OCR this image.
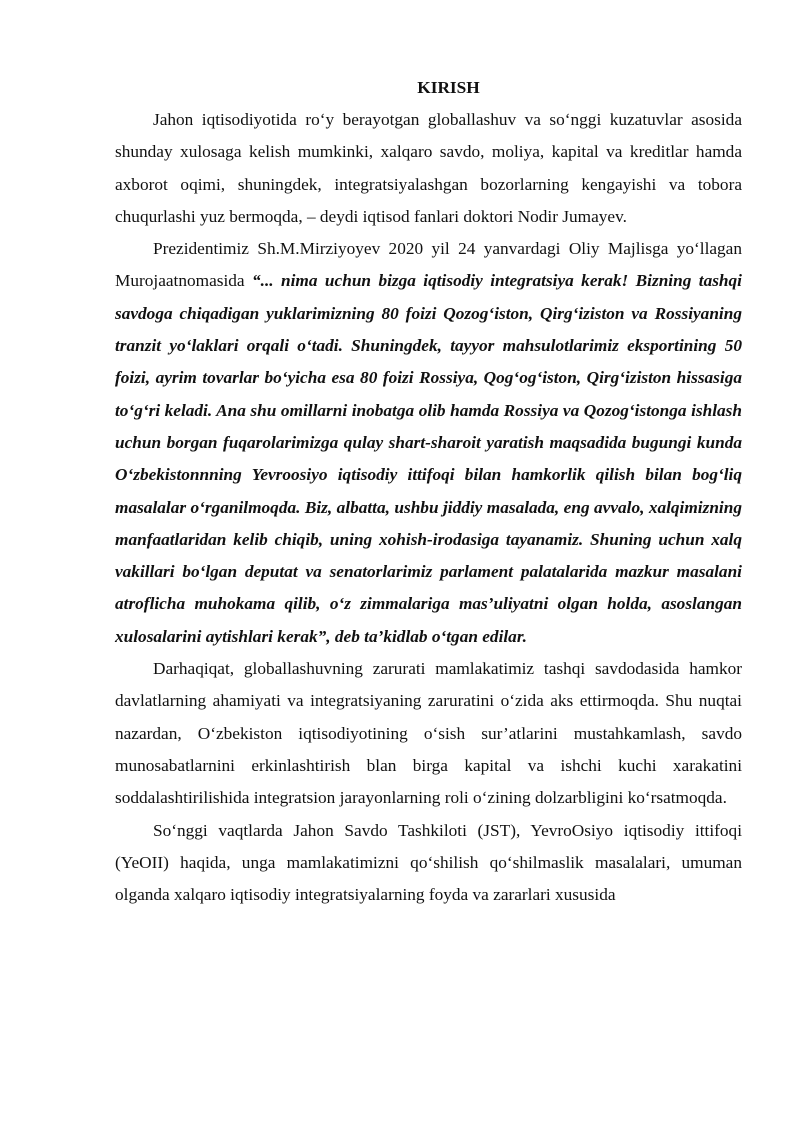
KIRISH

Jahon iqtisodiyotida ro‘y berayotgan globallashuv va so‘nggi kuzatuvlar asosida shunday xulosaga kelish mumkinki, xalqaro savdo, moliya, kapital va kreditlar hamda axborot oqimi, shuningdek, integratsiyalashgan bozorlarning kengayishi va tobora chuqurlashi yuz bermoqda, – deydi iqtisod fanlari doktori Nodir Jumayev.

Prezidentimiz Sh.M.Mirziyoyev 2020 yil 24 yanvardagi Oliy Majlisga yo‘llagan Murojaatnomasida “... nima uchun bizga iqtisodiy integratsiya kerak! Bizning tashqi savdoga chiqadigan yuklarimizning 80 foizi Qozog‘iston, Qirg‘iziston va Rossiyaning tranzit yo‘laklari orqali o‘tadi. Shuningdek, tayyor mahsulotlarimiz eksportining 50 foizi, ayrim tovarlar bo‘yicha esa 80 foizi Rossiya, Qog‘og‘iston, Qirg‘iziston hissasiga to‘g‘ri keladi. Ana shu omillarni inobatga olib hamda Rossiya va Qozog‘istonga ishlash uchun borgan fuqarolarimizga qulay shart-sharoit yaratish maqsadida bugungi kunda O‘zbekistonnning Yevroosiyo iqtisodiy ittifoqi bilan hamkorlik qilish bilan bog‘liq masalalar o‘rganilmoqda. Biz, albatta, ushbu jiddiy masalada, eng avvalo, xalqimizning manfaatlaridan kelib chiqib, uning xohish-irodasiga tayanamiz. Shuning uchun xalq vakillari bo‘lgan deputat va senatorlarimiz parlament palatalarida mazkur masalani atroflicha muhokama qilib, o‘z zimmalariga mas’uliyatni olgan holda, asoslangan xulosalarini aytishlari kerak”, deb ta’kidlab o‘tgan edilar.

Darhaqiqat, globallashuvning zarurati mamlakatimiz tashqi savdodasida hamkor davlatlarning ahamiyati va integratsiyaning zaruratini o‘zida aks ettirmoqda. Shu nuqtai nazardan, O‘zbekiston iqtisodiyotining o‘sish sur’atlarini mustahkamlash, savdo munosabatlarnini erkinlashtirish blan birga kapital va ishchi kuchi xarakatini soddalashtirilishida integratsion jarayonlarning roli o‘zining dolzarbligini ko‘rsatmoqda.

So‘nggi vaqtlarda Jahon Savdo Tashkiloti (JST), YevroOsiyo iqtisodiy ittifoqi (YeOII) haqida, unga mamlakatimizni qo‘shilish qo‘shilmaslik masalalari, umuman olganda xalqaro iqtisodiy integratsiyalarning foyda va zararlari xususida
